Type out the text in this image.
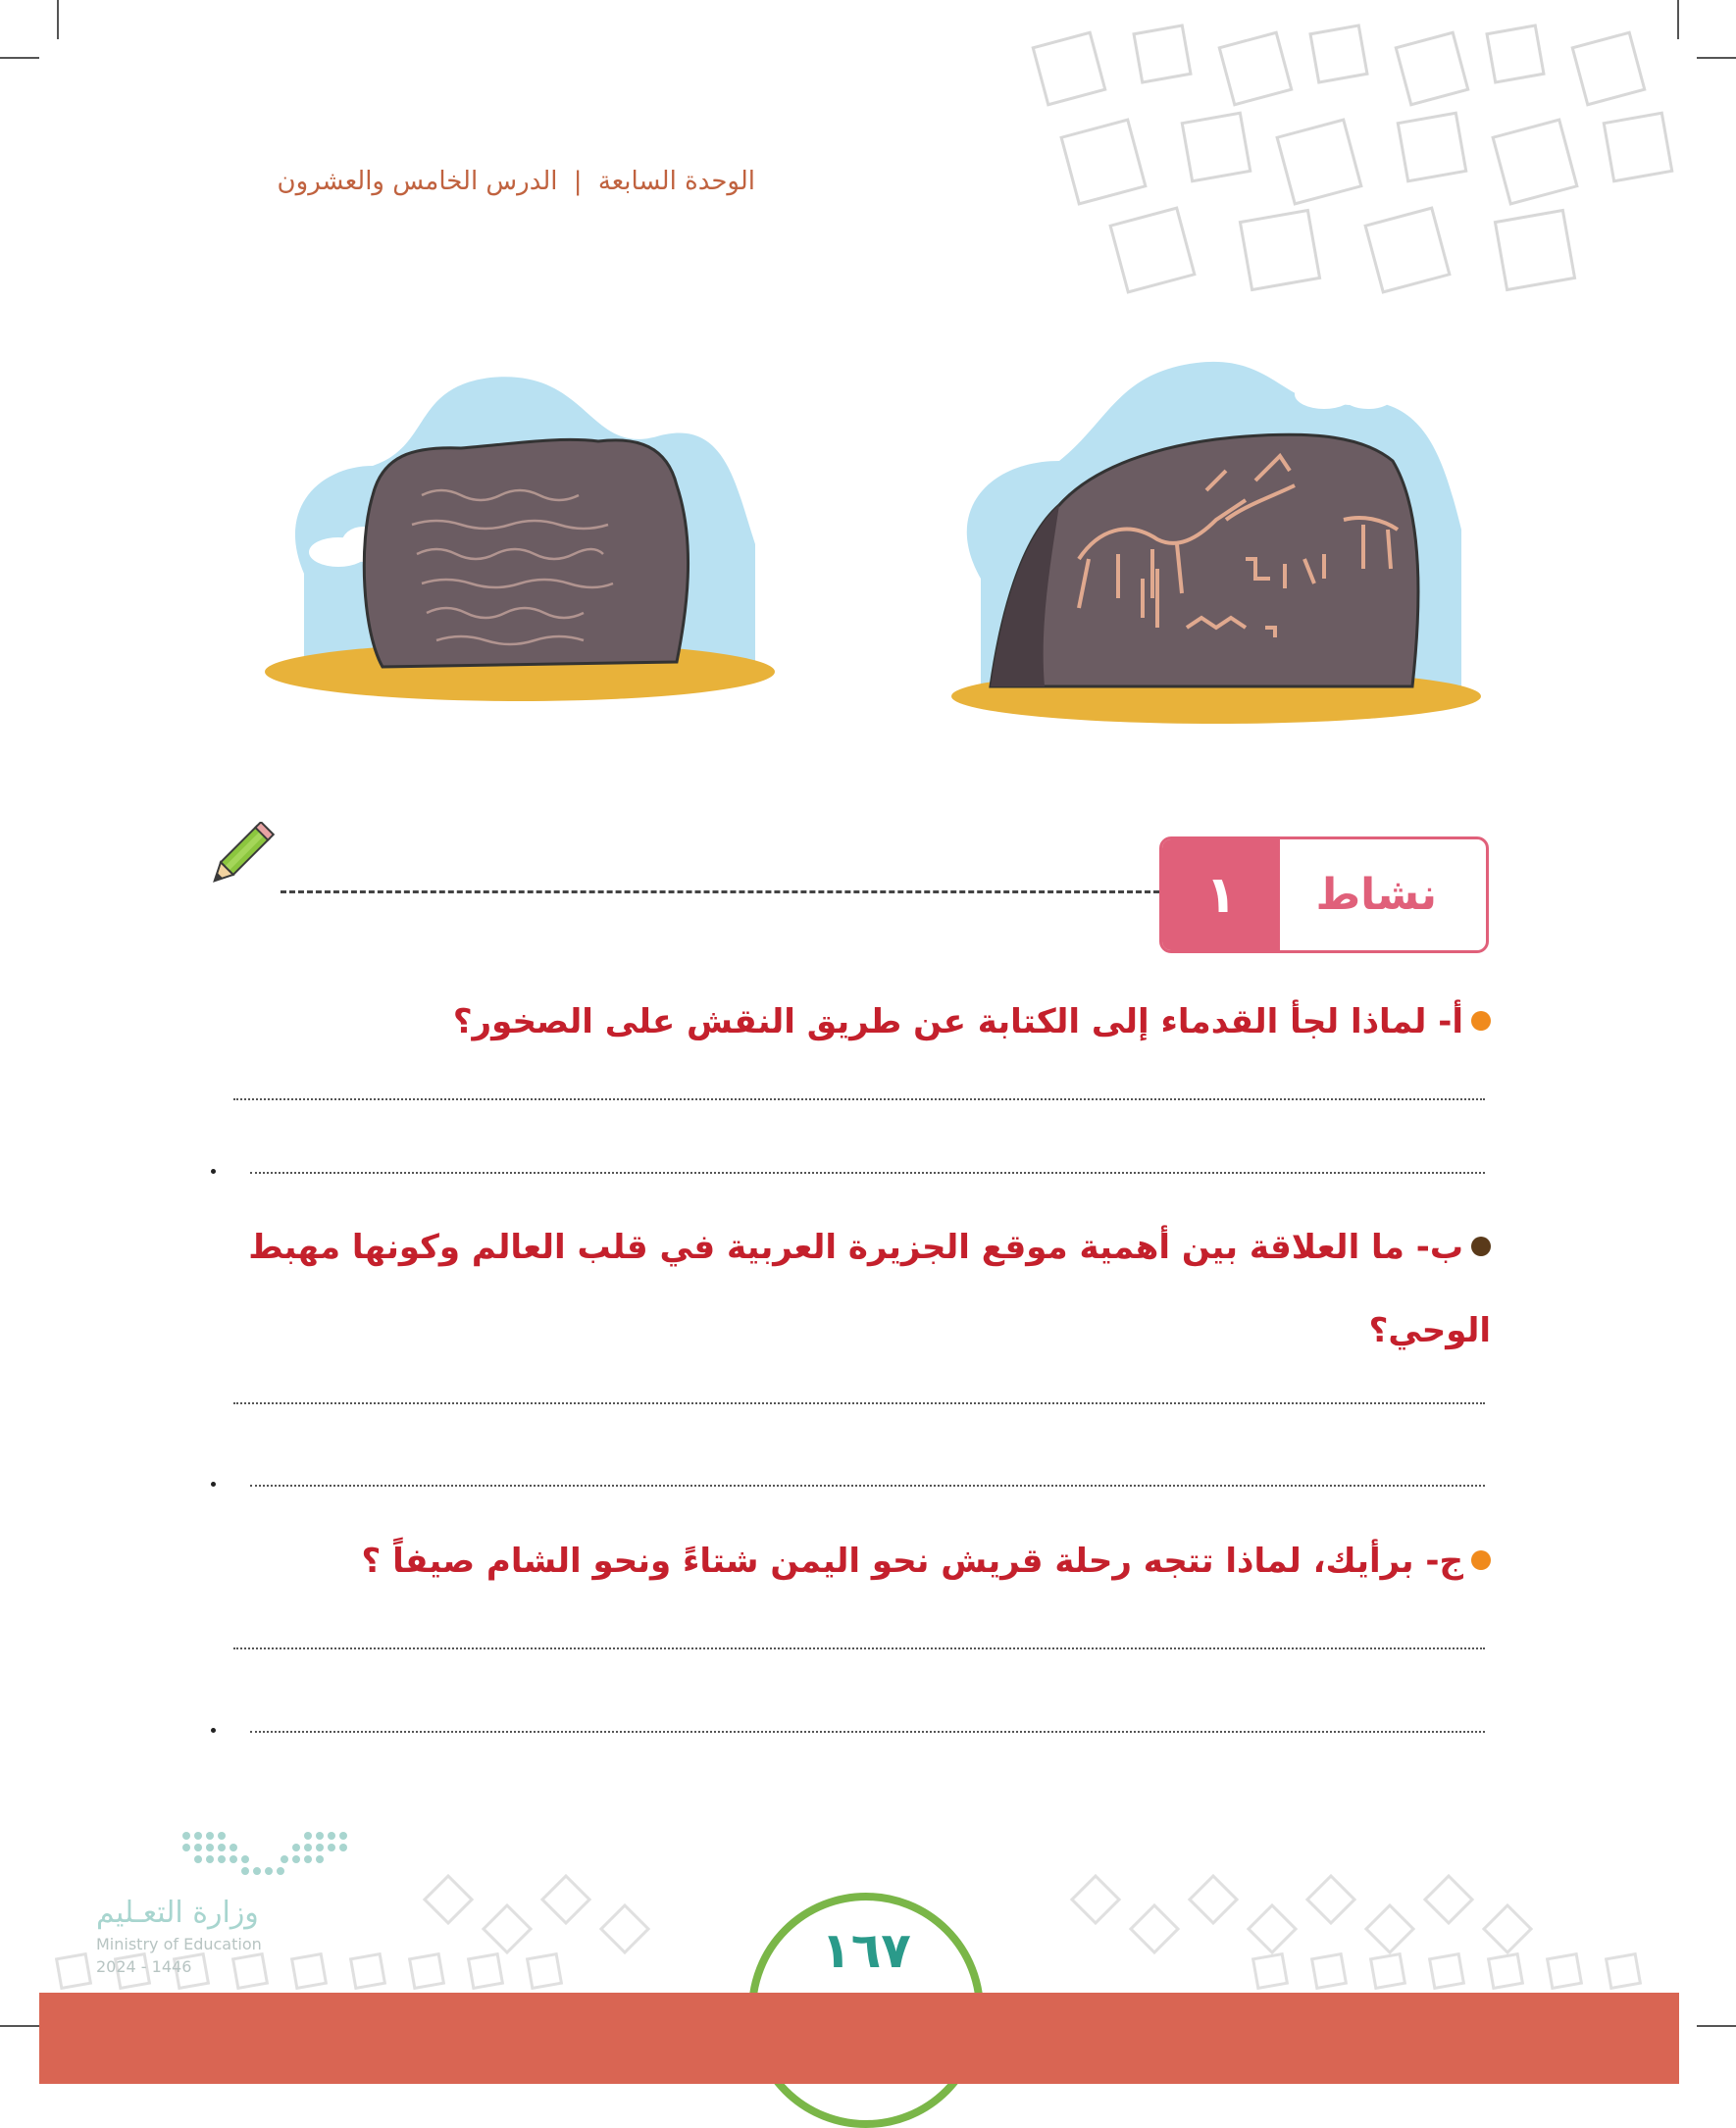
الوحدة السابعة | الدرس الخامس والعشرون
١	نشاط
أ- لماذا لجأ القدماء إلى الكتابة عن طريق النقش على الصخور؟
ب- ما العلاقة بين أهمية موقع الجزيرة العربية في قلب العالم وكونها مهبط الوحي؟
ج- برأيك، لماذا تتجه رحلة قريش نحو اليمن شتاءً ونحو الشام صيفاً ؟
وزارة التعـليم
Ministry of Education
2024 - 1446	١٦٧
